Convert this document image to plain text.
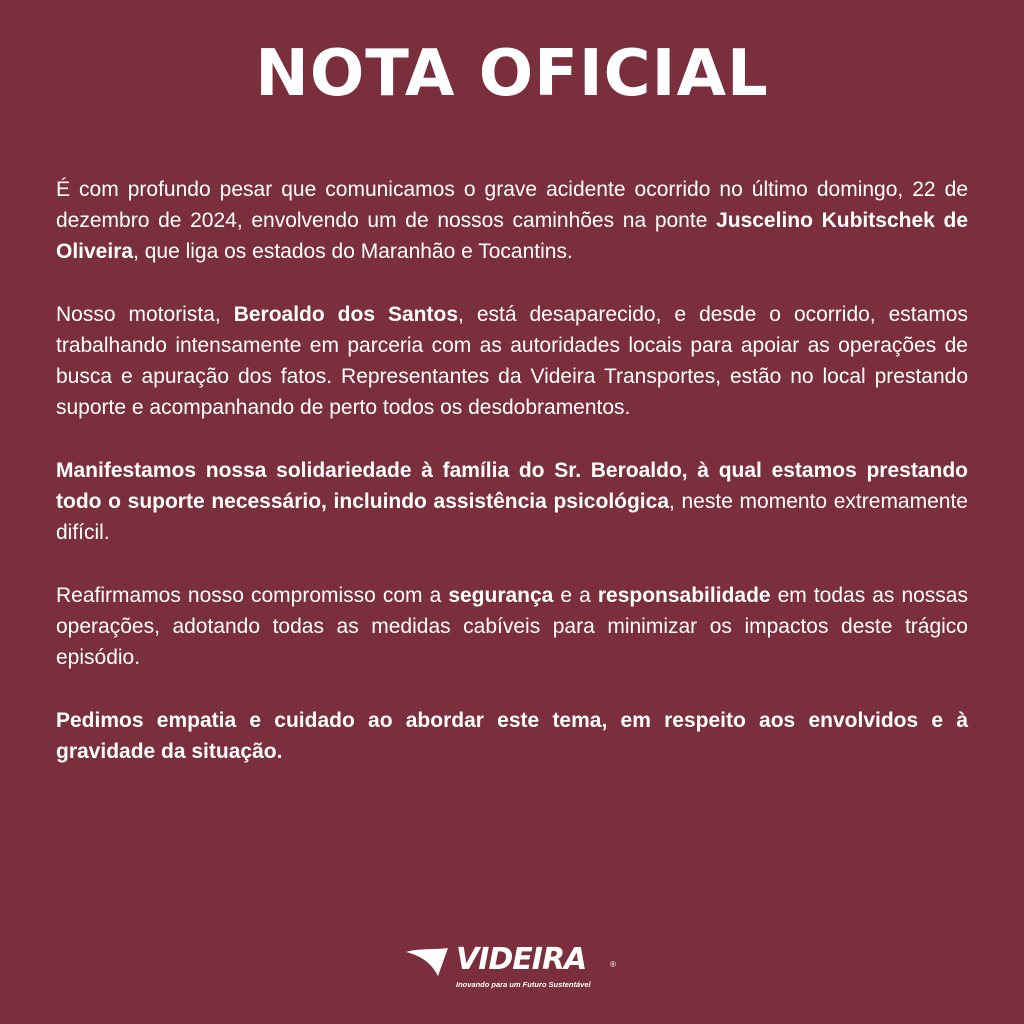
NOTA OFICIAL

É com profundo pesar que comunicamos o grave acidente ocorrido no último domingo, 22 de dezembro de 2024, envolvendo um de nossos caminhões na ponte Juscelino Kubitschek de Oliveira, que liga os estados do Maranhão e Tocantins.

Nosso motorista, Beroaldo dos Santos, está desaparecido, e desde o ocorrido, estamos trabalhando intensamente em parceria com as autoridades locais para apoiar as operações de busca e apuração dos fatos. Representantes da Videira Transportes, estão no local prestando suporte e acompanhando de perto todos os desdobramentos.

Manifestamos nossa solidariedade à família do Sr. Beroaldo, à qual estamos prestando todo o suporte necessário, incluindo assistência psicológica, neste momento extremamente difícil.

Reafirmamos nosso compromisso com a segurança e a responsabilidade em todas as nossas operações, adotando todas as medidas cabíveis para minimizar os impactos deste trágico episódio.

Pedimos empatia e cuidado ao abordar este tema, em respeito aos envolvidos e à gravidade da situação.

VIDEIRA	®
Inovando para um Futuro Sustentável
